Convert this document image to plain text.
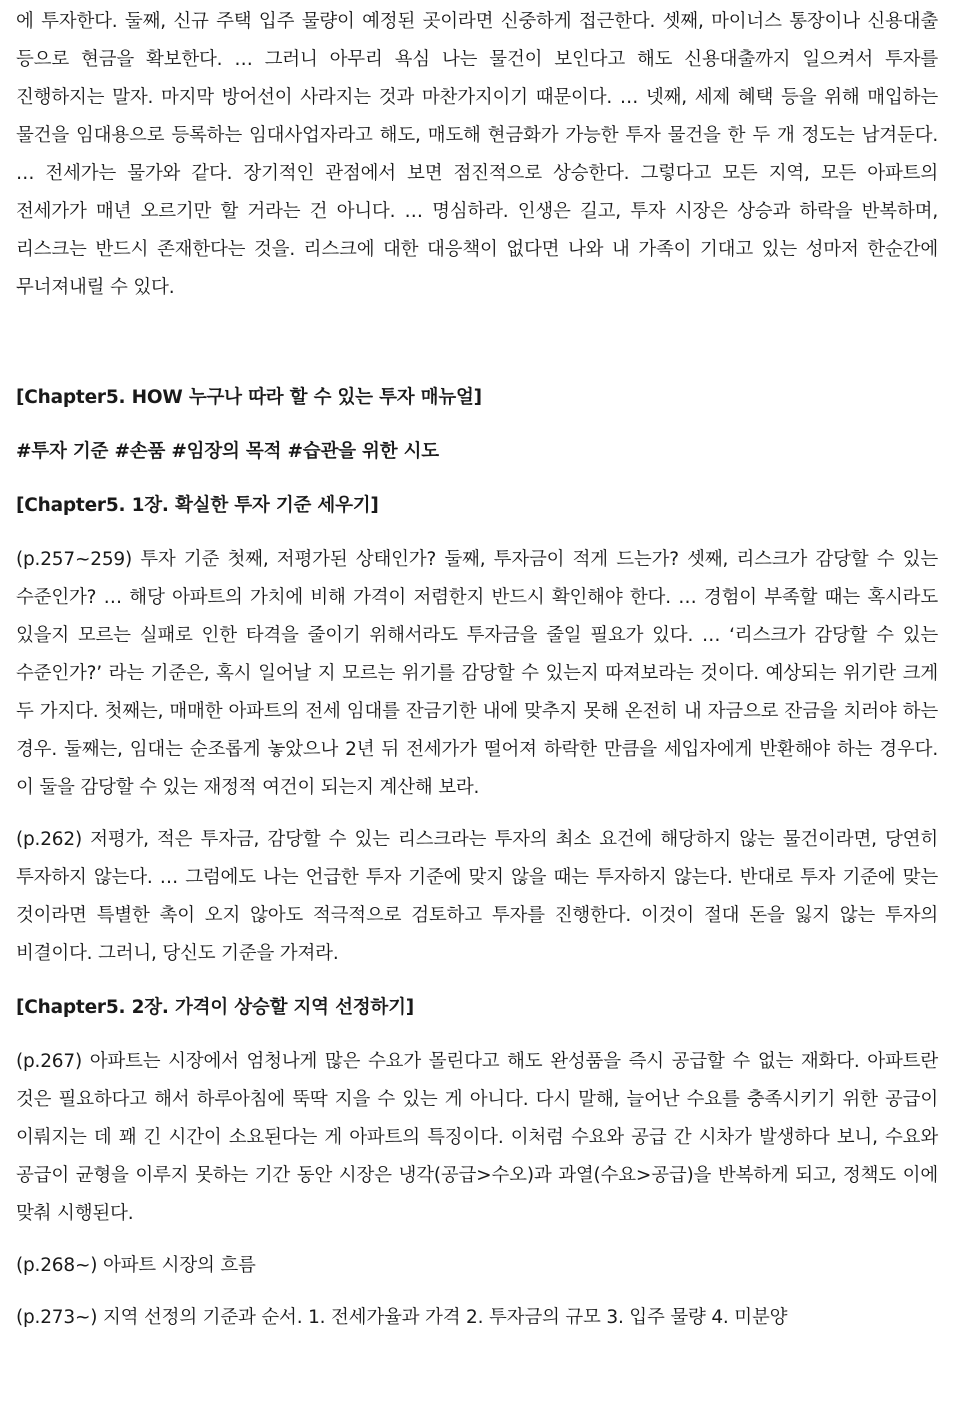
에 투자한다. 둘째, 신규 주택 입주 물량이 예정된 곳이라면 신중하게 접근한다. 셋째, 마이너스 통장이나 신용대출 등으로 현금을 확보한다. … 그러니 아무리 욕심 나는 물건이 보인다고 해도 신용대출까지 일으켜서 투자를 진행하지는 말자. 마지막 방어선이 사라지는 것과 마찬가지이기 때문이다. … 넷째, 세제 혜택 등을 위해 매입하는 물건을 임대용으로 등록하는 임대사업자라고 해도, 매도해 현금화가 가능한 투자 물건을 한 두 개 정도는 남겨둔다. … 전세가는 물가와 같다. 장기적인 관점에서 보면 점진적으로 상승한다. 그렇다고 모든 지역, 모든 아파트의 전세가가 매년 오르기만 할 거라는 건 아니다. … 명심하라. 인생은 길고, 투자 시장은 상승과 하락을 반복하며, 리스크는 반드시 존재한다는 것을. 리스크에 대한 대응책이 없다면 나와 내 가족이 기대고 있는 성마저 한순간에 무너져내릴 수 있다.

[Chapter5. HOW 누구나 따라 할 수 있는 투자 매뉴얼]

#투자 기준 #손품 #임장의 목적 #습관을 위한 시도

[Chapter5. 1장. 확실한 투자 기준 세우기]

(p.257~259) 투자 기준 첫째, 저평가된 상태인가? 둘째, 투자금이 적게 드는가? 셋째, 리스크가 감당할 수 있는 수준인가? … 해당 아파트의 가치에 비해 가격이 저렴한지 반드시 확인해야 한다. … 경험이 부족할 때는 혹시라도 있을지 모르는 실패로 인한 타격을 줄이기 위해서라도 투자금을 줄일 필요가 있다. … ‘리스크가 감당할 수 있는 수준인가?’ 라는 기준은, 혹시 일어날 지 모르는 위기를 감당할 수 있는지 따져보라는 것이다. 예상되는 위기란 크게 두 가지다. 첫째는, 매매한 아파트의 전세 임대를 잔금기한 내에 맞추지 못해 온전히 내 자금으로 잔금을 치러야 하는 경우. 둘째는, 임대는 순조롭게 놓았으나 2년 뒤 전세가가 떨어져 하락한 만큼을 세입자에게 반환해야 하는 경우다. 이 둘을 감당할 수 있는 재정적 여건이 되는지 계산해 보라.

(p.262) 저평가, 적은 투자금, 감당할 수 있는 리스크라는 투자의 최소 요건에 해당하지 않는 물건이라면, 당연히 투자하지 않는다. … 그럼에도 나는 언급한 투자 기준에 맞지 않을 때는 투자하지 않는다. 반대로 투자 기준에 맞는 것이라면 특별한 촉이 오지 않아도 적극적으로 검토하고 투자를 진행한다. 이것이 절대 돈을 잃지 않는 투자의 비결이다. 그러니, 당신도 기준을 가져라.

[Chapter5. 2장. 가격이 상승할 지역 선정하기]

(p.267) 아파트는 시장에서 엄청나게 많은 수요가 몰린다고 해도 완성품을 즉시 공급할 수 없는 재화다. 아파트란 것은 필요하다고 해서 하루아침에 뚝딱 지을 수 있는 게 아니다. 다시 말해, 늘어난 수요를 충족시키기 위한 공급이 이뤄지는 데 꽤 긴 시간이 소요된다는 게 아파트의 특징이다. 이처럼 수요와 공급 간 시차가 발생하다 보니, 수요와 공급이 균형을 이루지 못하는 기간 동안 시장은 냉각(공급>수오)과 과열(수요>공급)을 반복하게 되고, 정책도 이에 맞춰 시행된다.

(p.268~) 아파트 시장의 흐름

(p.273~) 지역 선정의 기준과 순서. 1. 전세가율과 가격 2. 투자금의 규모 3. 입주 물량 4. 미분양
